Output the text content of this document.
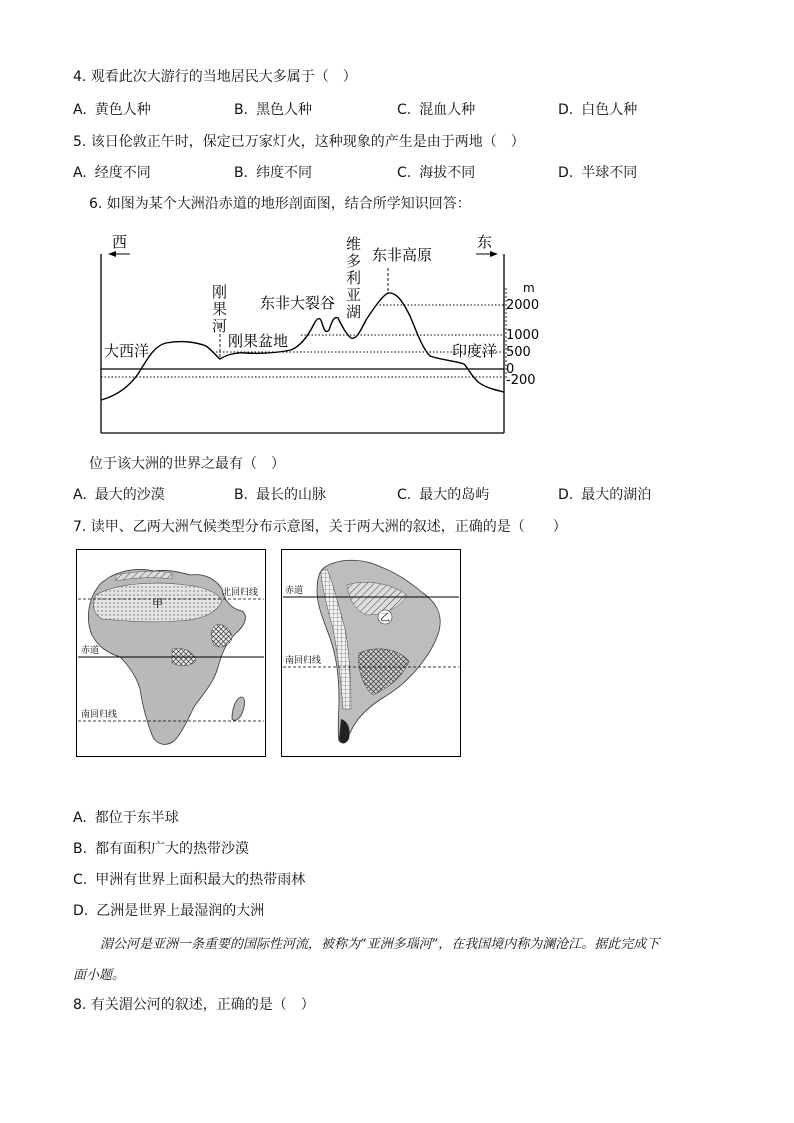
4. 观看此次大游行的当地居民大多属于（　）
A. 黄色人种	B. 黑色人种	C. 混血人种	D. 白色人种
5. 该日伦敦正午时，保定已万家灯火，这种现象的产生是由于两地（　）
A. 经度不同	B. 纬度不同	C. 海拔不同	D. 半球不同
6. 如图为某个大洲沿赤道的地形剖面图，结合所学知识回答：
西	东
m
2000
1000
500
0
-200
大西洋
刚果盆地
东非大裂谷
东非高原
印度洋
刚果河
维多利亚湖
位于该大洲的世界之最有（　）
A. 最大的沙漠	B. 最长的山脉	C. 最大的岛屿	D. 最大的湖泊
7. 读甲、乙两大洲气候类型分布示意图，关于两大洲的叙述，正确的是（　　）
北回归线
赤道
南回归线
甲
赤道
南回归线
乙
A. 都位于东半球
B. 都有面积广大的热带沙漠
C. 甲洲有世界上面积最大的热带雨林
D. 乙洲是世界上最湿润的大洲
湄公河是亚洲一条重要的国际性河流，被称为“亚洲多瑙河”，在我国境内称为澜沧江。据此完成下
面小题。
8. 有关湄公河的叙述，正确的是（　）
